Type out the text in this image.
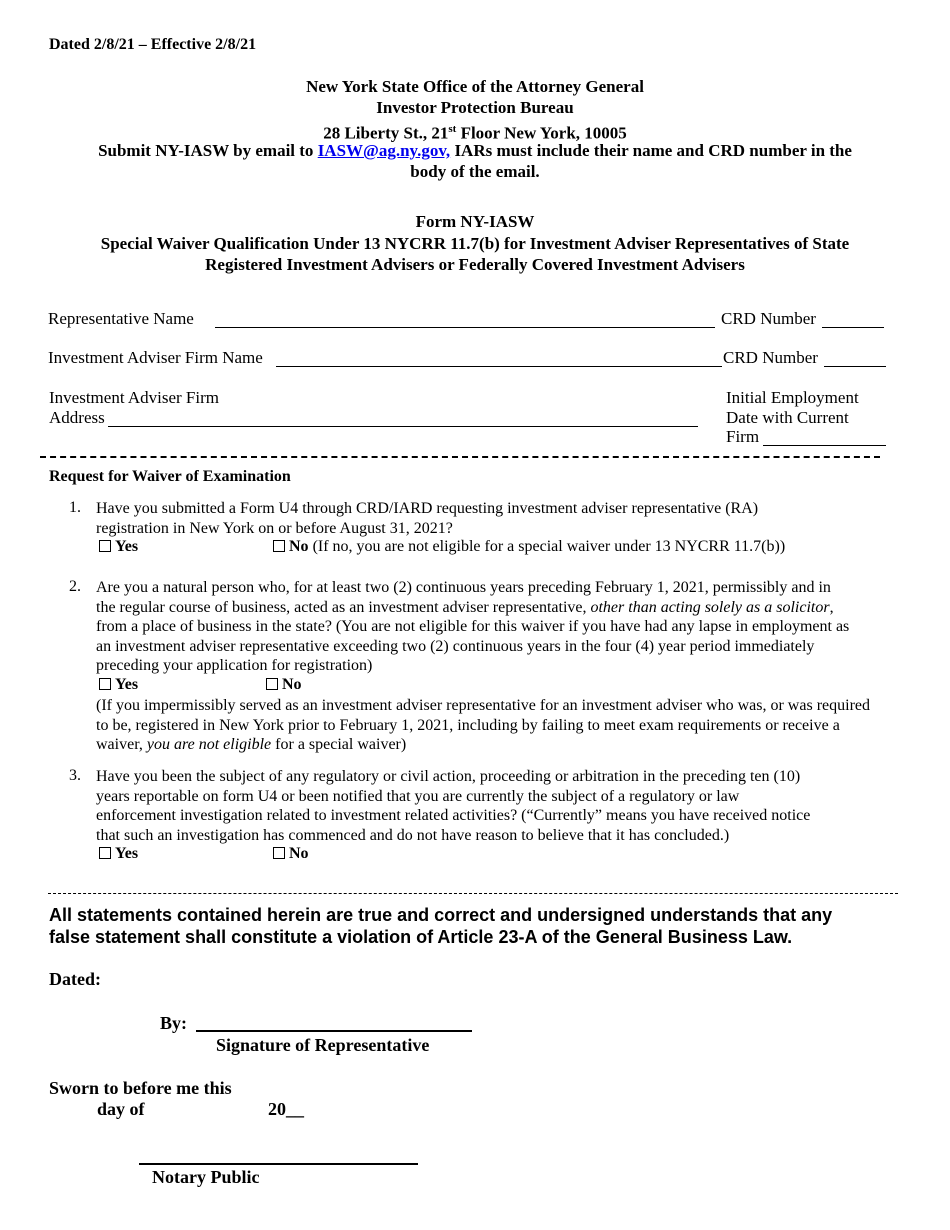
Dated 2/8/21 – Effective 2/8/21
New York State Office of the Attorney General
Investor Protection Bureau
28 Liberty St., 21st Floor New York, 10005
Submit NY-IASW by email to IASW@ag.ny.gov, IARs must include their name and CRD number in the
body of the email.
Form NY-IASW
Special Waiver Qualification Under 13 NYCRR 11.7(b) for Investment Adviser Representatives of State
Registered Investment Advisers or Federally Covered Investment Advisers
Representative Name	CRD Number
Investment Adviser Firm Name	CRD Number
Investment Adviser Firm
Address
Initial Employment
Date with Current
Firm
Request for Waiver of Examination
1. Have you submitted a Form U4 through CRD/IARD requesting investment adviser representative (RA)
registration in New York on or before August 31, 2021?
Yes	No (If no, you are not eligible for a special waiver under 13 NYCRR 11.7(b))
2. Are you a natural person who, for at least two (2) continuous years preceding February 1, 2021, permissibly and in
the regular course of business, acted as an investment adviser representative, other than acting solely as a solicitor,
from a place of business in the state? (You are not eligible for this waiver if you have had any lapse in employment as
an investment adviser representative exceeding two (2) continuous years in the four (4) year period immediately
preceding your application for registration)
Yes	No
(If you impermissibly served as an investment adviser representative for an investment adviser who was, or was required
to be, registered in New York prior to February 1, 2021, including by failing to meet exam requirements or receive a
waiver, you are not eligible for a special waiver)
3. Have you been the subject of any regulatory or civil action, proceeding or arbitration in the preceding ten (10)
years reportable on form U4 or been notified that you are currently the subject of a regulatory or law
enforcement investigation related to investment related activities? (“Currently” means you have received notice
that such an investigation has commenced and do not have reason to believe that it has concluded.)
Yes	No
All statements contained herein are true and correct and undersigned understands that any
false statement shall constitute a violation of Article 23-A of the General Business Law.
Dated:
By:
Signature of Representative
Sworn to before me this
day of	20__
Notary Public
